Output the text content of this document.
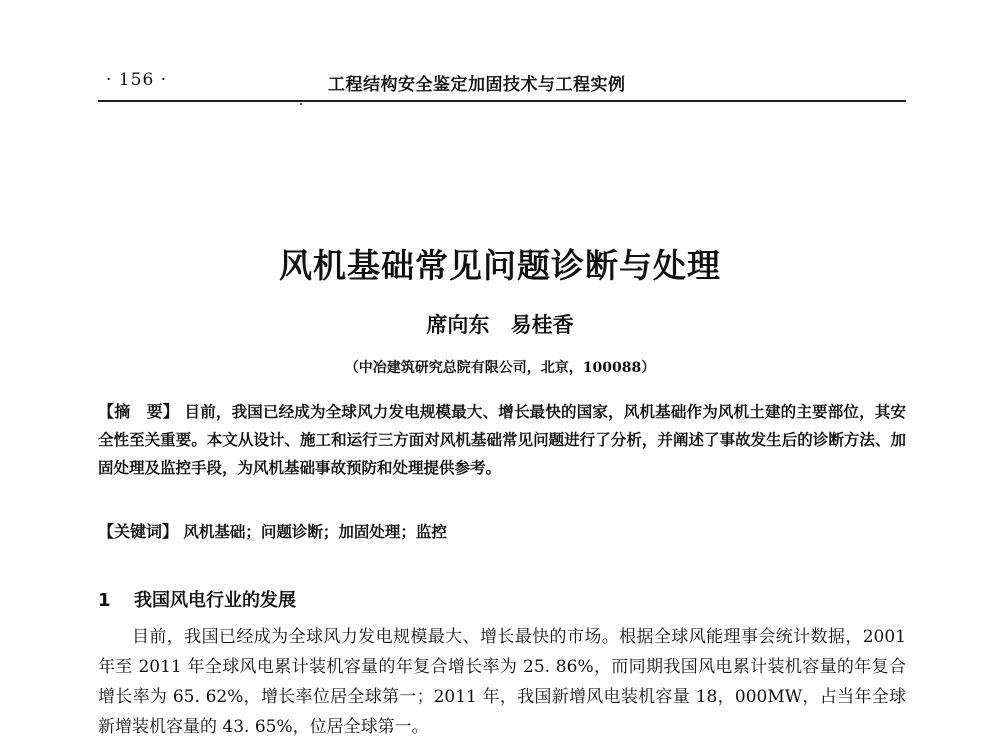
· 156 ·	工程结构安全鉴定加固技术与工程实例
风机基础常见问题诊断与处理
席向东 易桂香
（中冶建筑研究总院有限公司，北京，100088）

【摘　要】 目前，我国已经成为全球风力发电规模最大、增长最快的国家，风机基础作为风机土建的主要部位，其安全性至关重要。本文从设计、施工和运行三方面对风机基础常见问题进行了分析，并阐述了事故发生后的诊断方法、加固处理及监控手段，为风机基础事故预防和处理提供参考。

【关键词】 风机基础；问题诊断；加固处理；监控

1 我国风电行业的发展

目前，我国已经成为全球风力发电规模最大、增长最快的市场。根据全球风能理事会统计数据，2001 年至 2011 年全球风电累计装机容量的年复合增长率为 25. 86%，而同期我国风电累计装机容量的年复合增长率为 65. 62%，增长率位居全球第一；2011 年，我国新增风电装机容量 18，000MW，占当年全球新增装机容量的 43. 65%，位居全球第一。
